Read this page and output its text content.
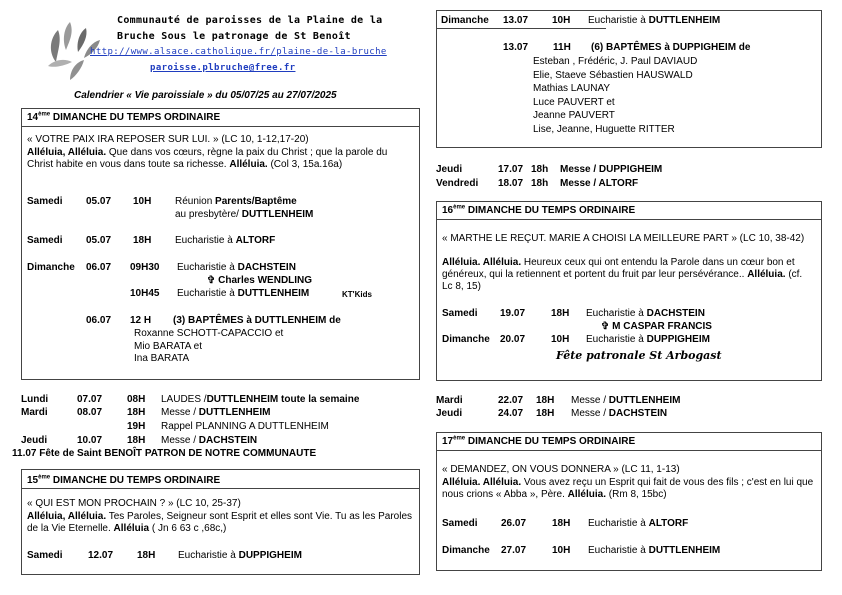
Communauté de paroisses de la Plaine de la
Bruche Sous le patronage de St Benoît
http://www.alsace.catholique.fr/plaine-de-la-bruche
paroisse.plbruche@free.fr
Calendrier « Vie paroissiale » du 05/07/25 au 27/07/2025
14ème DIMANCHE DU TEMPS ORDINAIRE
« VOTRE PAIX IRA REPOSER SUR LUI. » (LC 10, 1-12,17-20)
Alléluia, Alléluia. Que dans vos cœurs, règne la paix du Christ ; que la parole du Christ habite en vous dans toute sa richesse. Alléluia. (Col 3, 15a.16a)
Samedi 05.07 10H Réunion Parents/Baptême
au presbytère/ DUTTLENHEIM
Samedi 05.07 18H Eucharistie à ALTORF
Dimanche 06.07 09H30 Eucharistie à DACHSTEIN
✞ Charles WENDLING
10H45 Eucharistie à DUTTLENHEIM	KT'Kids
06.07 12 H (3) BAPTÊMES à DUTTLENHEIM de
Roxanne SCHOTT-CAPACCIO et
Mio BARATA et
Ina BARATA
Lundi	07.07 08H LAUDES /DUTTLENHEIM toute la semaine
Mardi	08.07 18H Messe / DUTTLENHEIM
19H Rappel PLANNING A DUTTLENHEIM
Jeudi	10.07 18H Messe / DACHSTEIN
11.07 Fête de Saint BENOÎT PATRON DE NOTRE COMMUNAUTE
15ème DIMANCHE DU TEMPS ORDINAIRE
« QUI EST MON PROCHAIN ? » (LC 10, 25-37)
Alléluia, Alléluia. Tes Paroles, Seigneur sont Esprit et elles sont Vie. Tu as les Paroles de la Vie Eternelle. Alléluia ( Jn 6 63 c ,68c,)
Samedi	12.07 18H Eucharistie à DUPPIGHEIM
Dimanche 13.07 10H Eucharistie à DUTTLENHEIM
13.07 11H (6) BAPTÊMES à DUPPIGHEIM de
Esteban , Frédéric, J. Paul DAVIAUD
Elie, Staeve Sébastien HAUSWALD
Mathias LAUNAY
Luce PAUVERT et
Jeanne PAUVERT
Lise, Jeanne, Huguette RITTER
Jeudi	17.07 18h Messe / DUPPIGHEIM
Vendredi 18.07 18h Messe / ALTORF
16ème DIMANCHE DU TEMPS ORDINAIRE
« MARTHE LE REÇUT. MARIE A CHOISI LA MEILLEURE PART » (LC 10, 38-42)
Alléluia. Alléluia. Heureux ceux qui ont entendu la Parole dans un cœur bon et généreux, qui la retiennent et portent du fruit par leur persévérance.. Alléluia. (cf. Lc 8, 15)
Samedi 19.07	18H Eucharistie à DACHSTEIN
✞ M CASPAR FRANCIS
Dimanche 20.07	10H Eucharistie à DUPPIGHEIM
Fête patronale St Arbogast
Mardi	22.07 18H Messe / DUTTLENHEIM
Jeudi	24.07 18H Messe / DACHSTEIN
17ème DIMANCHE DU TEMPS ORDINAIRE
« DEMANDEZ, ON VOUS DONNERA » (LC 11, 1-13)
Alléluia. Alléluia. Vous avez reçu un Esprit qui fait de vous des fils ; c'est en lui que nous crions « Abba », Père. Alléluia. (Rm 8, 15bc)
Samedi 26.07	18H Eucharistie à ALTORF
Dimanche 27.07	10H Eucharistie à DUTTLENHEIM
